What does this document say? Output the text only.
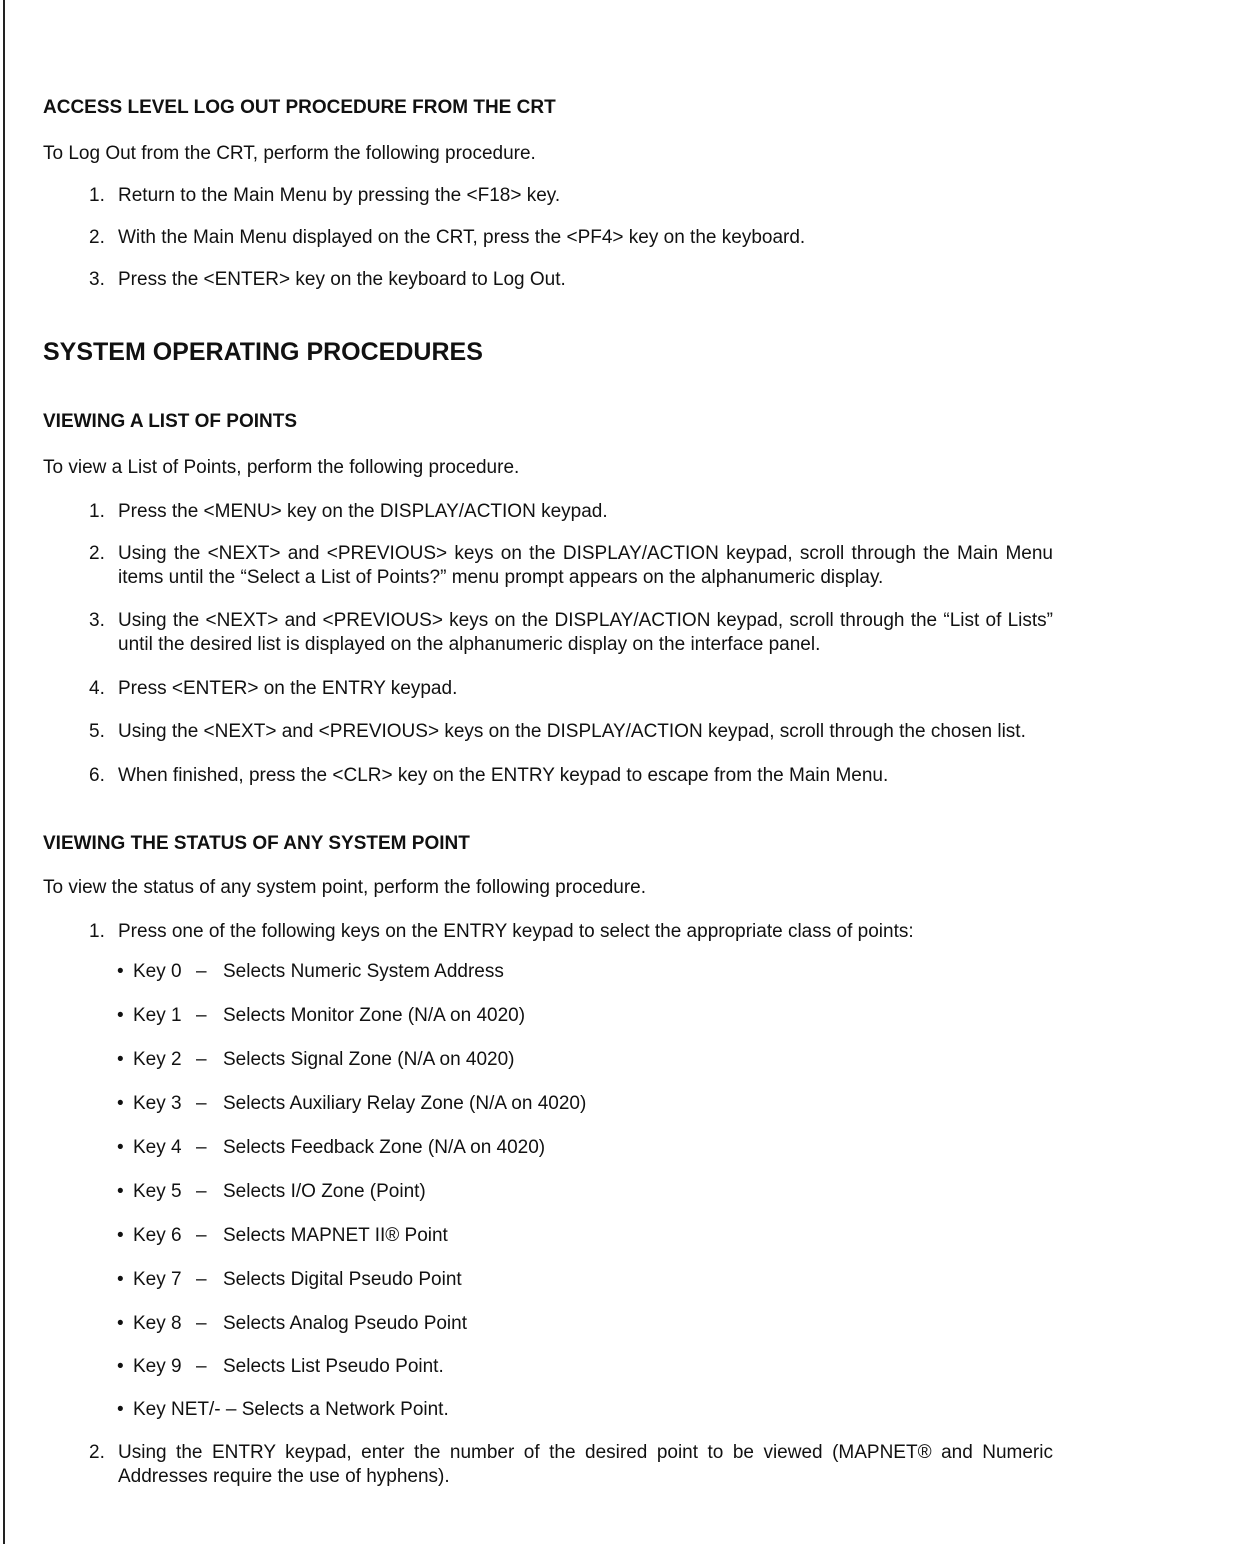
ACCESS LEVEL LOG OUT PROCEDURE FROM THE CRT

To Log Out from the CRT, perform the following procedure.

1. Return to the Main Menu by pressing the <F18> key.
2. With the Main Menu displayed on the CRT, press the <PF4> key on the keyboard.
3. Press the <ENTER> key on the keyboard to Log Out.
SYSTEM OPERATING PROCEDURES
VIEWING A LIST OF POINTS

To view a List of Points, perform the following procedure.

1. Press the <MENU> key on the DISPLAY/ACTION keypad.
2. Using the <NEXT> and <PREVIOUS> keys on the DISPLAY/ACTION keypad, scroll through the Main Menu items until the “Select a List of Points?” menu prompt appears on the alphanumeric display.
3. Using the <NEXT> and <PREVIOUS> keys on the DISPLAY/ACTION keypad, scroll through the “List of Lists” until the desired list is displayed on the alphanumeric display on the interface panel.
4. Press <ENTER> on the ENTRY keypad.
5. Using the <NEXT> and <PREVIOUS> keys on the DISPLAY/ACTION keypad, scroll through the chosen list.
6. When finished, press the <CLR> key on the ENTRY keypad to escape from the Main Menu.
VIEWING THE STATUS OF ANY SYSTEM POINT

To view the status of any system point, perform the following procedure.

1. Press one of the following keys on the ENTRY keypad to select the appropriate class of points:
• Key 0 – Selects Numeric System Address
• Key 1 – Selects Monitor Zone (N/A on 4020)
• Key 2 – Selects Signal Zone (N/A on 4020)
• Key 3 – Selects Auxiliary Relay Zone (N/A on 4020)
• Key 4 – Selects Feedback Zone (N/A on 4020)
• Key 5 – Selects I/O Zone (Point)
• Key 6 – Selects MAPNET II® Point
• Key 7 – Selects Digital Pseudo Point
• Key 8 – Selects Analog Pseudo Point
• Key 9 – Selects List Pseudo Point.
• Key NET/- – Selects a Network Point.
2. Using the ENTRY keypad, enter the number of the desired point to be viewed (MAPNET® and Numeric Addresses require the use of hyphens).
